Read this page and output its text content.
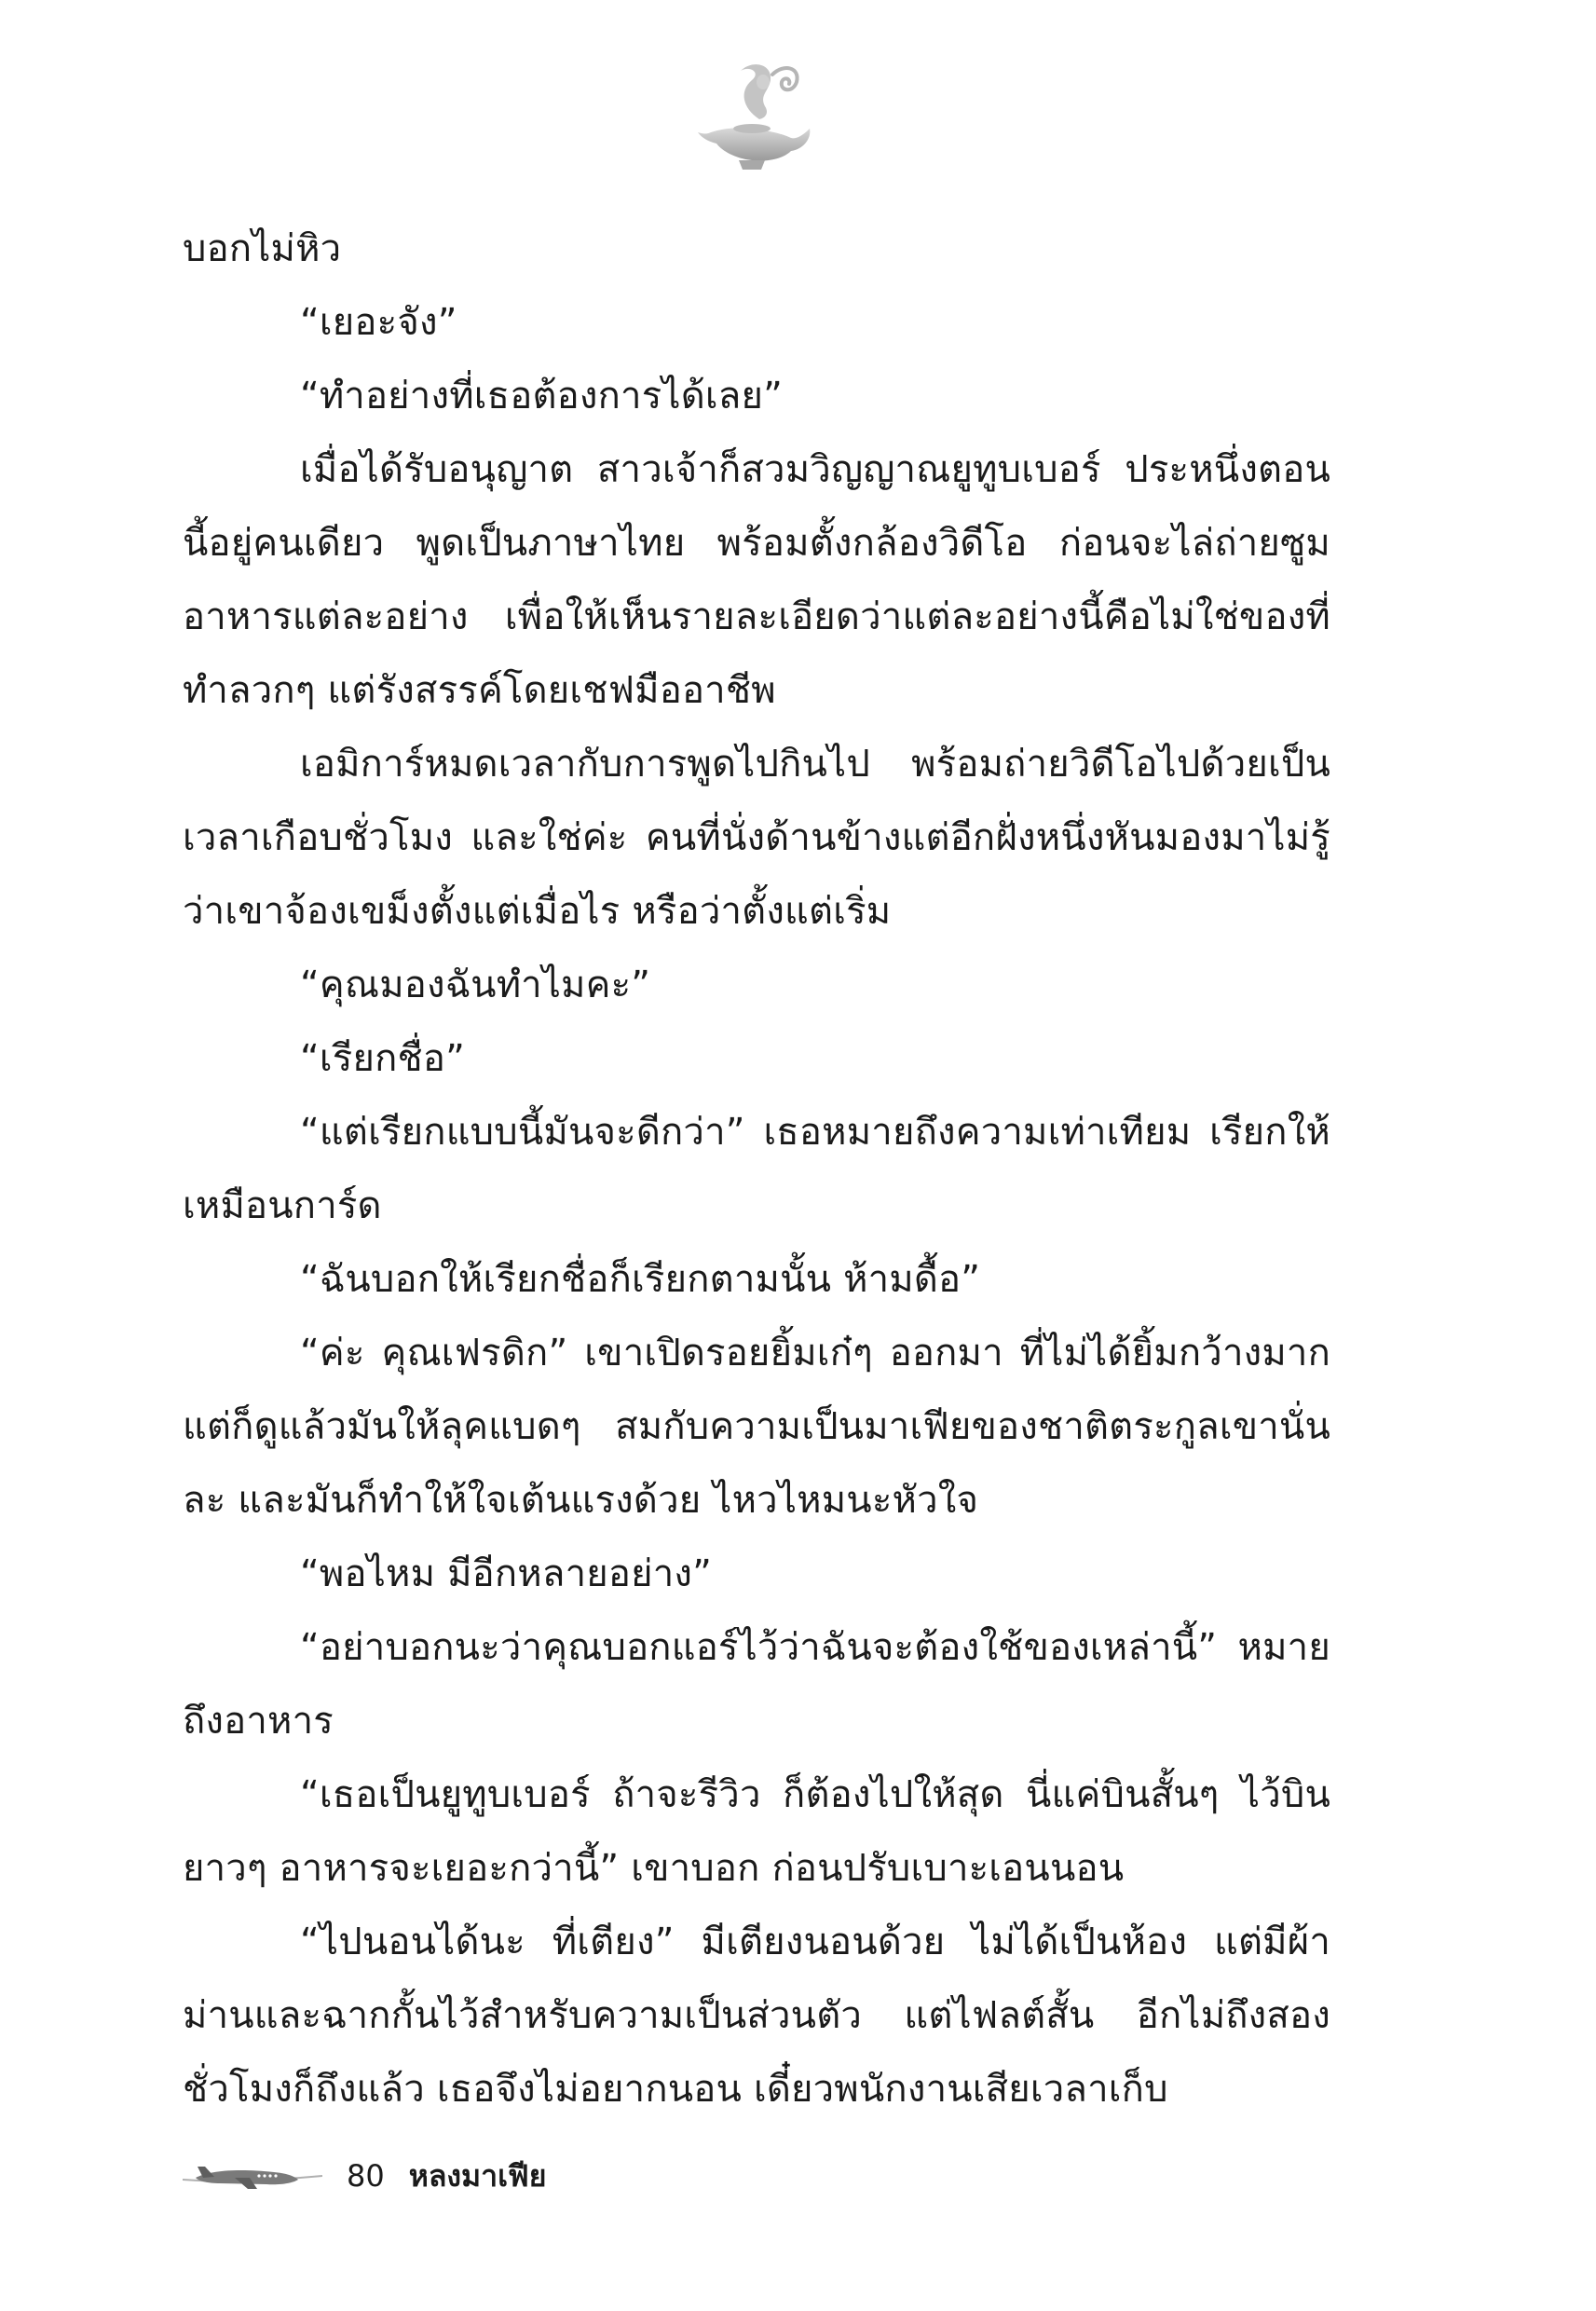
บอกไม่หิว

“เยอะจัง”

“ทำอย่างที่เธอต้องการได้เลย”

เมื่อได้รับอนุญาต สาวเจ้าก็สวมวิญญาณยูทูบเบอร์ ประหนึ่งตอนนี้อยู่คนเดียว พูดเป็นภาษาไทย พร้อมตั้งกล้องวิดีโอ ก่อนจะไล่ถ่ายซูมอาหารแต่ละอย่าง เพื่อให้เห็นรายละเอียดว่าแต่ละอย่างนี้คือไม่ใช่ของที่ทำลวกๆ แต่รังสรรค์โดยเชฟมืออาชีพ

เอมิการ์หมดเวลากับการพูดไปกินไป พร้อมถ่ายวิดีโอไปด้วยเป็นเวลาเกือบชั่วโมง และใช่ค่ะ คนที่นั่งด้านข้างแต่อีกฝั่งหนึ่งหันมองมาไม่รู้ว่าเขาจ้องเขม็งตั้งแต่เมื่อไร หรือว่าตั้งแต่เริ่ม

“คุณมองฉันทำไมคะ”

“เรียกชื่อ”

“แต่เรียกแบบนี้มันจะดีกว่า” เธอหมายถึงความเท่าเทียม เรียกให้เหมือนการ์ด

“ฉันบอกให้เรียกชื่อก็เรียกตามนั้น ห้ามดื้อ”

“ค่ะ คุณเฟรดิก” เขาเปิดรอยยิ้มเก๋ๆ ออกมา ที่ไม่ได้ยิ้มกว้างมากแต่ก็ดูแล้วมันให้ลุคแบดๆ สมกับความเป็นมาเฟียของชาติตระกูลเขานั่นละ และมันก็ทำให้ใจเต้นแรงด้วย ไหวไหมนะหัวใจ

“พอไหม มีอีกหลายอย่าง”

“อย่าบอกนะว่าคุณบอกแอร์ไว้ว่าฉันจะต้องใช้ของเหล่านี้” หมายถึงอาหาร

“เธอเป็นยูทูบเบอร์ ถ้าจะรีวิว ก็ต้องไปให้สุด นี่แค่บินสั้นๆ ไว้บินยาวๆ อาหารจะเยอะกว่านี้” เขาบอก ก่อนปรับเบาะเอนนอน

“ไปนอนได้นะ ที่เตียง” มีเตียงนอนด้วย ไม่ได้เป็นห้อง แต่มีผ้าม่านและฉากกั้นไว้สำหรับความเป็นส่วนตัว แต่ไฟลต์สั้น อีกไม่ถึงสองชั่วโมงก็ถึงแล้ว เธอจึงไม่อยากนอน เดี๋ยวพนักงานเสียเวลาเก็บ

80 หลงมาเฟีย
